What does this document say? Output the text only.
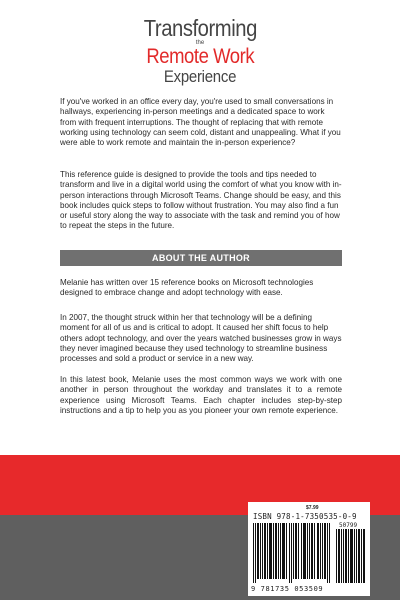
Transforming
the
Remote Work
Experience
If you've worked in an office every day, you're used to small conversations in hallways, experiencing in-person meetings and a dedicated space to work from with frequent interruptions. The thought of replacing that with remote working using technology can seem cold, distant and unappealing. What if you were able to work remote and maintain the in-person experience?
This reference guide is designed to provide the tools and tips needed to transform and live in a digital world using the comfort of what you know with in-person interactions through Microsoft Teams. Change should be easy, and this book includes quick steps to follow without frustration. You may also find a fun or useful story along the way to associate with the task and remind you of how to repeat the steps in the future.
ABOUT THE AUTHOR
Melanie has written over 15 reference books on Microsoft technologies designed to embrace change and adopt technology with ease.
In 2007, the thought struck within her that technology will be a defining moment for all of us and is critical to adopt. It caused her shift focus to help others adopt technology, and over the years watched businesses grow in ways they never imagined because they used technology to streamline business processes and sold a product or service in a new way.
In this latest book, Melanie uses the most common ways we work with one another in person throughout the workday and translates it to a remote experience using Microsoft Teams. Each chapter includes step-by-step instructions and a tip to help you as you pioneer your own remote experience.
$7.99
ISBN 978-1-7350535-0-9
50799
9 781735 053509
